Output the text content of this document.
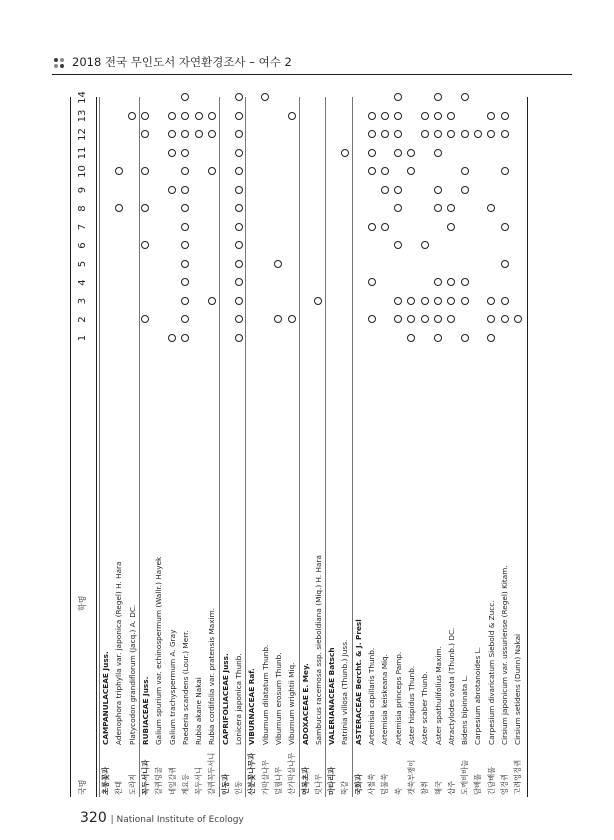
2018 전국 무인도서 자연환경조사 – 여수 2
국명
학명
1
2
3
4
5
6
7
8
9
10
11
12
13
14
초롱꽃과
CAMPANULACEAE Juss.
잔대
Adenophora triphylla var. japonica (Regel) H. Hara
도라지
Platycodon grandiflorum (Jacq.) A. DC.
꼭두서니과
RUBIACEAE Juss.
갈퀴덩굴
Galium spurium var. echinospermum (Wallr.) Hayek
네잎갈퀴
Galium trachyspermum A. Gray
계요등
Paederia scandens (Lour.) Merr.
꼭두서니
Rubia akane Nakai
갈퀴꼭두서니
Rubia cordifolia var. pratensis Maxim.
인동과
CAPRIFOLIACEAE Juss.
인동
Lonicera japonica Thunb.
산분꽃나무과
VIBURNACEAE Raf.
가막살나무
Viburnum dilatatum Thunb.
덜꿩나무
Viburnum erosum Thunb.
산가막살나무
Viburnum wrightii Miq.
연복초과
ADOXACEAE E. Mey.
덧나무
Sambucus racemosa ssp. sieboldiana (Miq.) H. Hara
마타리과
VALERIANACEAE Batsch
뚝갈
Patrinia villosa (Thunb.) Juss.
국화과
ASTERACEAE Bercht. & J. Presl
사철쑥
Artemisia capillaris Thunb.
덤불쑥
Artemisia keiskeana Miq.
쑥
Artemisia princeps Pamp.
갯쑥부쟁이
Aster hispidus Thunb.
참취
Aster scaber Thunb.
해국
Aster spathulifolius Maxim.
삽주
Atractylodes ovata (Thunb.) DC.
도깨비바늘
Bidens bipinnata L.
담배풀
Carpesium abrotanoides L.
긴담배풀
Carpesium divaricatum Siebold & Zucc.
엉겅퀴
Cirsium japonicum var. ussuriense (Regel) Kitam.
고려엉겅퀴
Cirsium setidens (Dunn) Nakai
320 | National Institute of Ecology
